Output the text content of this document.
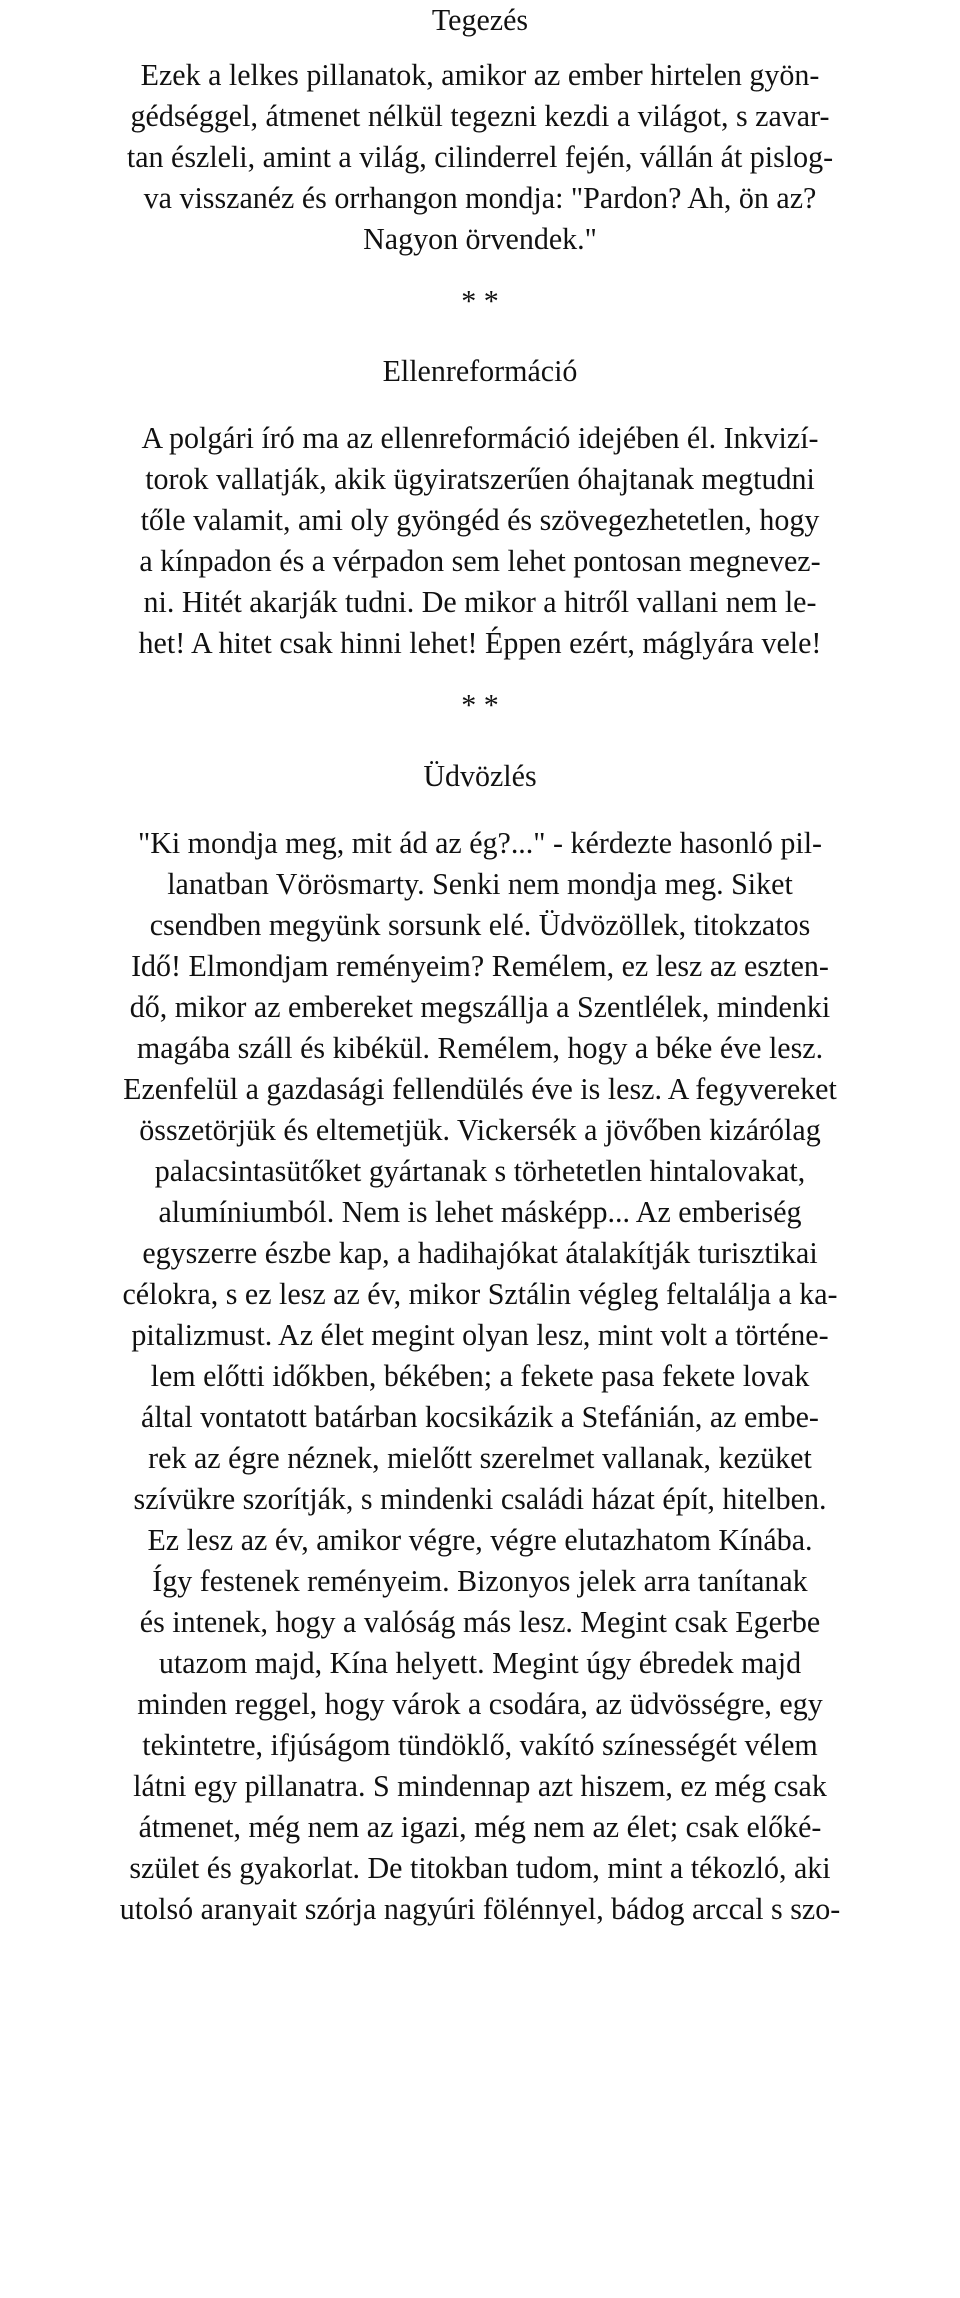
Tegezés
Ezek a lelkes pillanatok, amikor az ember hirtelen gyön-
gédséggel, átmenet nélkül tegezni kezdi a világot, s zavar-
tan észleli, amint a világ, cilinderrel fején, vállán át pislog-
va visszanéz és orrhangon mondja: "Pardon? Ah, ön az?
Nagyon örvendek."
* *
Ellenreformáció
A polgári író ma az ellenreformáció idejében él. Inkvizí-
torok vallatják, akik ügyiratszerűen óhajtanak megtudni
tőle valamit, ami oly gyöngéd és szövegezhetetlen, hogy
a kínpadon és a vérpadon sem lehet pontosan megnevez-
ni. Hitét akarják tudni. De mikor a hitről vallani nem le-
het! A hitet csak hinni lehet! Éppen ezért, máglyára vele!
* *
Üdvözlés
"Ki mondja meg, mit ád az ég?..." - kérdezte hasonló pil-
lanatban Vörösmarty. Senki nem mondja meg. Siket
csendben megyünk sorsunk elé. Üdvözöllek, titokzatos
Idő! Elmondjam reményeim? Remélem, ez lesz az eszten-
dő, mikor az embereket megszállja a Szentlélek, mindenki
magába száll és kibékül. Remélem, hogy a béke éve lesz.
Ezenfelül a gazdasági fellendülés éve is lesz. A fegyvereket
összetörjük és eltemetjük. Vickersék a jövőben kizárólag
palacsintasütőket gyártanak s törhetetlen hintalovakat,
alumíniumból. Nem is lehet másképp... Az emberiség
egyszerre észbe kap, a hadihajókat átalakítják turisztikai
célokra, s ez lesz az év, mikor Sztálin végleg feltalálja a ka-
pitalizmust. Az élet megint olyan lesz, mint volt a történe-
lem előtti időkben, békében; a fekete pasa fekete lovak
által vontatott batárban kocsikázik a Stefánián, az embe-
rek az égre néznek, mielőtt szerelmet vallanak, kezüket
szívükre szorítják, s mindenki családi házat épít, hitelben.
Ez lesz az év, amikor végre, végre elutazhatom Kínába.
Így festenek reményeim. Bizonyos jelek arra tanítanak
és intenek, hogy a valóság más lesz. Megint csak Egerbe
utazom majd, Kína helyett. Megint úgy ébredek majd
minden reggel, hogy várok a csodára, az üdvösségre, egy
tekintetre, ifjúságom tündöklő, vakító színességét vélem
látni egy pillanatra. S mindennap azt hiszem, ez még csak
átmenet, még nem az igazi, még nem az élet; csak előké-
szület és gyakorlat. De titokban tudom, mint a tékozló, aki
utolsó aranyait szórja nagyúri fölénnyel, bádog arccal s szo-
